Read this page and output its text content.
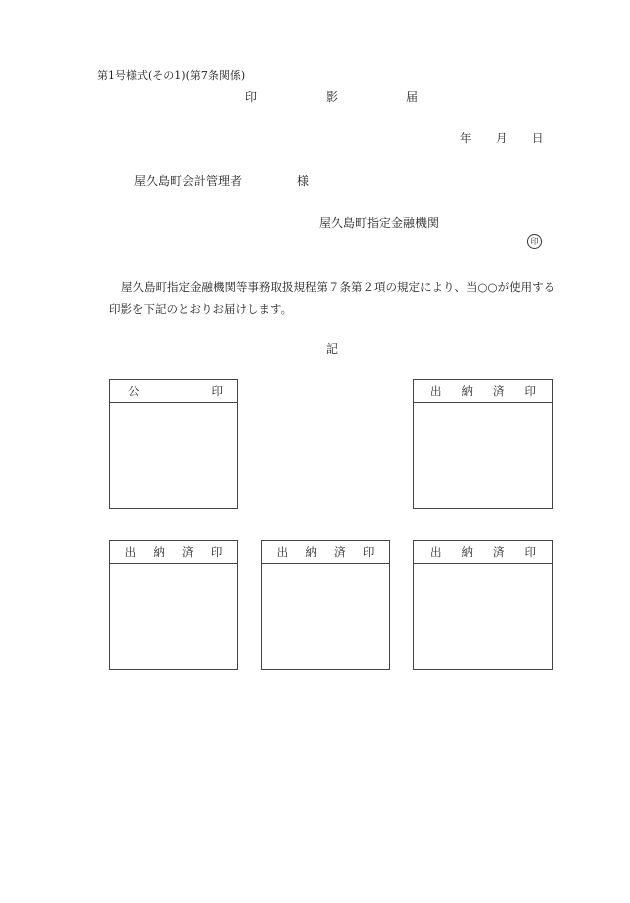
第1号様式(その1)(第7条関係)
印	影	届
年 月 日
屋久島町会計管理者	様
屋久島町指定金融機関
印
屋久島町指定金融機関等事務取扱規程第７条第２項の規定により、当○○が使用する
印影を下記のとおりお届けします。
記
公	印	出 納 済 印
出 納 済 印	出 納 済 印	出 納 済 印
